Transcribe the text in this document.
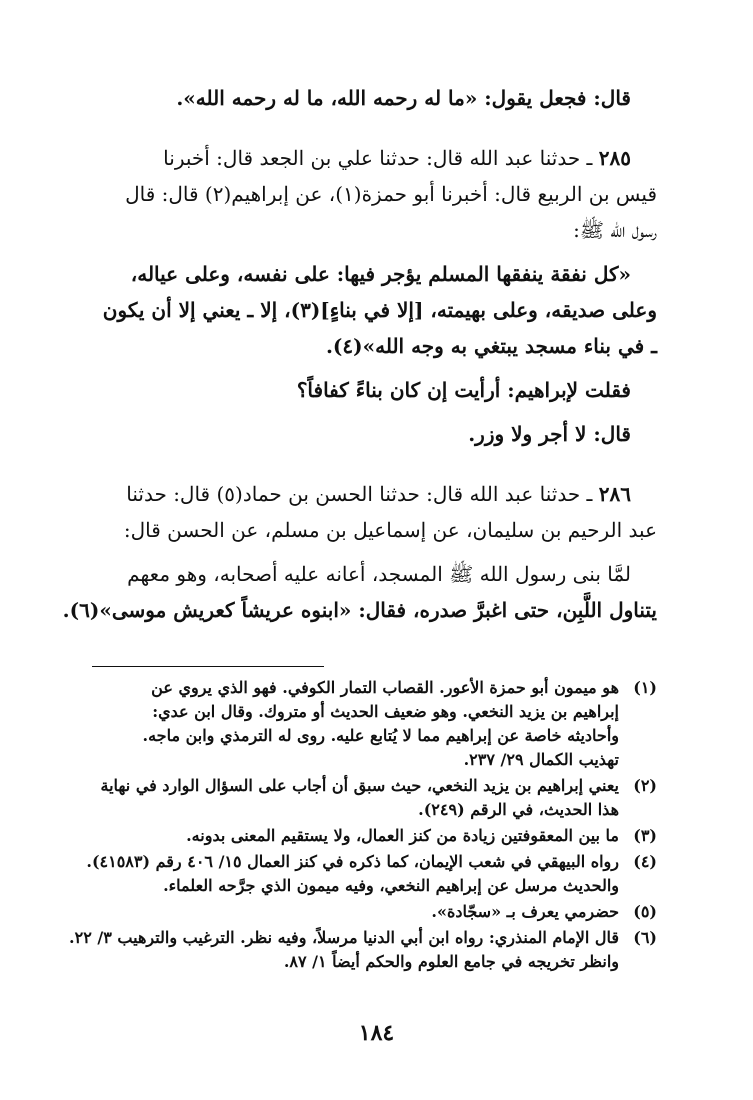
قال: فجعل يقول: «ما له رحمه الله، ما له رحمه الله».

٢٨٥ ـ حدثنا عبد الله قال: حدثنا علي بن الجعد قال: أخبرنا

قيس بن الربيع قال: أخبرنا أبو حمزة(١)، عن إبراهيم(٢) قال: قال

رسول الله ﷺ:

«كل نفقة ينفقها المسلم يؤجر فيها: على نفسه، وعلى عياله،

وعلى صديقه، وعلى بهيمته، [إلا في بناءٍ](٣)، إلا ـ يعني إلا أن يكون

ـ في بناء مسجد يبتغي به وجه الله»(٤).

فقلت لإبراهيم: أرأيت إن كان بناءً كفافاً؟

قال: لا أجر ولا وزر.

٢٨٦ ـ حدثنا عبد الله قال: حدثنا الحسن بن حماد(٥) قال: حدثنا

عبد الرحيم بن سليمان، عن إسماعيل بن مسلم، عن الحسن قال:

لمَّا بنى رسول الله ﷺ المسجد، أعانه عليه أصحابه، وهو معهم

يتناول اللَّبِن، حتى اغبرَّ صدره، فقال: «ابنوه عريشاً كعريش موسى»(٦).

(١)

هو ميمون أبو حمزة الأعور. القصاب التمار الكوفي. فهو الذي يروي عن

إبراهيم بن يزيد النخعي. وهو ضعيف الحديث أو متروك. وقال ابن عدي:

وأحاديثه خاصة عن إبراهيم مما لا يُتابع عليه. روى له الترمذي وابن ماجه.

تهذيب الكمال ٢٩/ ٢٣٧.

(٢)

يعني إبراهيم بن يزيد النخعي، حيث سبق أن أجاب على السؤال الوارد في نهاية

هذا الحديث، في الرقم (٢٤٩).

(٣)

ما بين المعقوفتين زيادة من كنز العمال، ولا يستقيم المعنى بدونه.

(٤)

رواه البيهقي في شعب الإيمان، كما ذكره في كنز العمال ١٥/ ٤٠٦ رقم (٤١٥٨٣).

والحديث مرسل عن إبراهيم النخعي، وفيه ميمون الذي جرَّحه العلماء.

(٥)

حضرمي يعرف بـ «سجّادة».

(٦)

قال الإمام المنذري: رواه ابن أبي الدنيا مرسلاً، وفيه نظر. الترغيب والترهيب ٣/ ٢٢.

وانظر تخريجه في جامع العلوم والحكم أيضاً ١/ ٨٧.

١٨٤
